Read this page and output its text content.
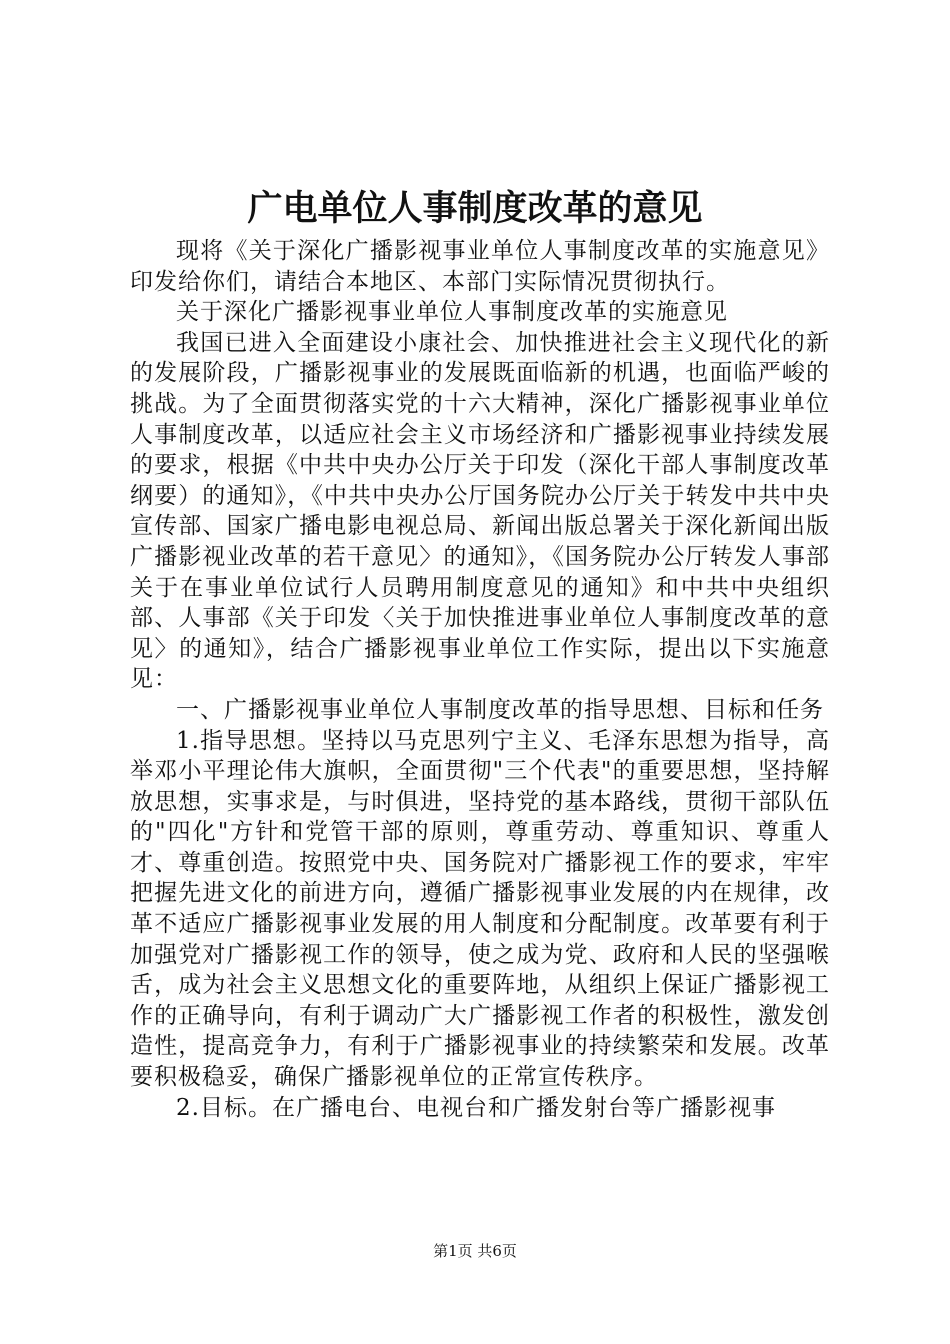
广电单位人事制度改革的意见

现将《关于深化广播影视事业单位人事制度改革的实施意见》印发给你们，请结合本地区、本部门实际情况贯彻执行。

关于深化广播影视事业单位人事制度改革的实施意见

我国已进入全面建设小康社会、加快推进社会主义现代化的新的发展阶段，广播影视事业的发展既面临新的机遇，也面临严峻的挑战。为了全面贯彻落实党的十六大精神，深化广播影视事业单位人事制度改革，以适应社会主义市场经济和广播影视事业持续发展的要求，根据《中共中央办公厅关于印发（深化干部人事制度改革纲要）的通知》，《中共中央办公厅国务院办公厅关于转发中共中央宣传部、国家广播电影电视总局、新闻出版总署关于深化新闻出版广播影视业改革的若干意见〉的通知》，《国务院办公厅转发人事部关于在事业单位试行人员聘用制度意见的通知》和中共中央组织部、人事部《关于印发〈关于加快推进事业单位人事制度改革的意见〉的通知》，结合广播影视事业单位工作实际，提出以下实施意见：

一、广播影视事业单位人事制度改革的指导思想、目标和任务

1.指导思想。坚持以马克思列宁主义、毛泽东思想为指导，高举邓小平理论伟大旗帜，全面贯彻"三个代表"的重要思想，坚持解放思想，实事求是，与时俱进，坚持党的基本路线，贯彻干部队伍的"四化"方针和党管干部的原则，尊重劳动、尊重知识、尊重人才、尊重创造。按照党中央、国务院对广播影视工作的要求，牢牢把握先进文化的前进方向，遵循广播影视事业发展的内在规律，改革不适应广播影视事业发展的用人制度和分配制度。改革要有利于加强党对广播影视工作的领导，使之成为党、政府和人民的坚强喉舌，成为社会主义思想文化的重要阵地，从组织上保证广播影视工作的正确导向，有利于调动广大广播影视工作者的积极性，激发创造性，提高竞争力，有利于广播影视事业的持续繁荣和发展。改革要积极稳妥，确保广播影视单位的正常宣传秩序。

2.目标。在广播电台、电视台和广播发射台等广播影视事

第1页 共6页
